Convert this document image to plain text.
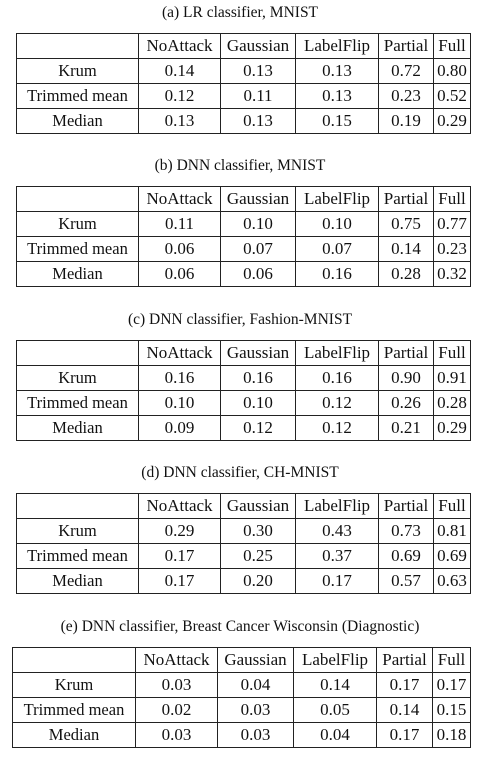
(a) LR classifier, MNIST
	NoAttack	Gaussian	LabelFlip	Partial	Full
Krum	0.14	0.13	0.13	0.72	0.80
Trimmed mean	0.12	0.11	0.13	0.23	0.52
Median	0.13	0.13	0.15	0.19	0.29
(b) DNN classifier, MNIST
	NoAttack	Gaussian	LabelFlip	Partial	Full
Krum	0.11	0.10	0.10	0.75	0.77
Trimmed mean	0.06	0.07	0.07	0.14	0.23
Median	0.06	0.06	0.16	0.28	0.32
(c) DNN classifier, Fashion-MNIST
	NoAttack	Gaussian	LabelFlip	Partial	Full
Krum	0.16	0.16	0.16	0.90	0.91
Trimmed mean	0.10	0.10	0.12	0.26	0.28
Median	0.09	0.12	0.12	0.21	0.29
(d) DNN classifier, CH-MNIST
	NoAttack	Gaussian	LabelFlip	Partial	Full
Krum	0.29	0.30	0.43	0.73	0.81
Trimmed mean	0.17	0.25	0.37	0.69	0.69
Median	0.17	0.20	0.17	0.57	0.63
(e) DNN classifier, Breast Cancer Wisconsin (Diagnostic)
	NoAttack	Gaussian	LabelFlip	Partial	Full
Krum	0.03	0.04	0.14	0.17	0.17
Trimmed mean	0.02	0.03	0.05	0.14	0.15
Median	0.03	0.03	0.04	0.17	0.18
